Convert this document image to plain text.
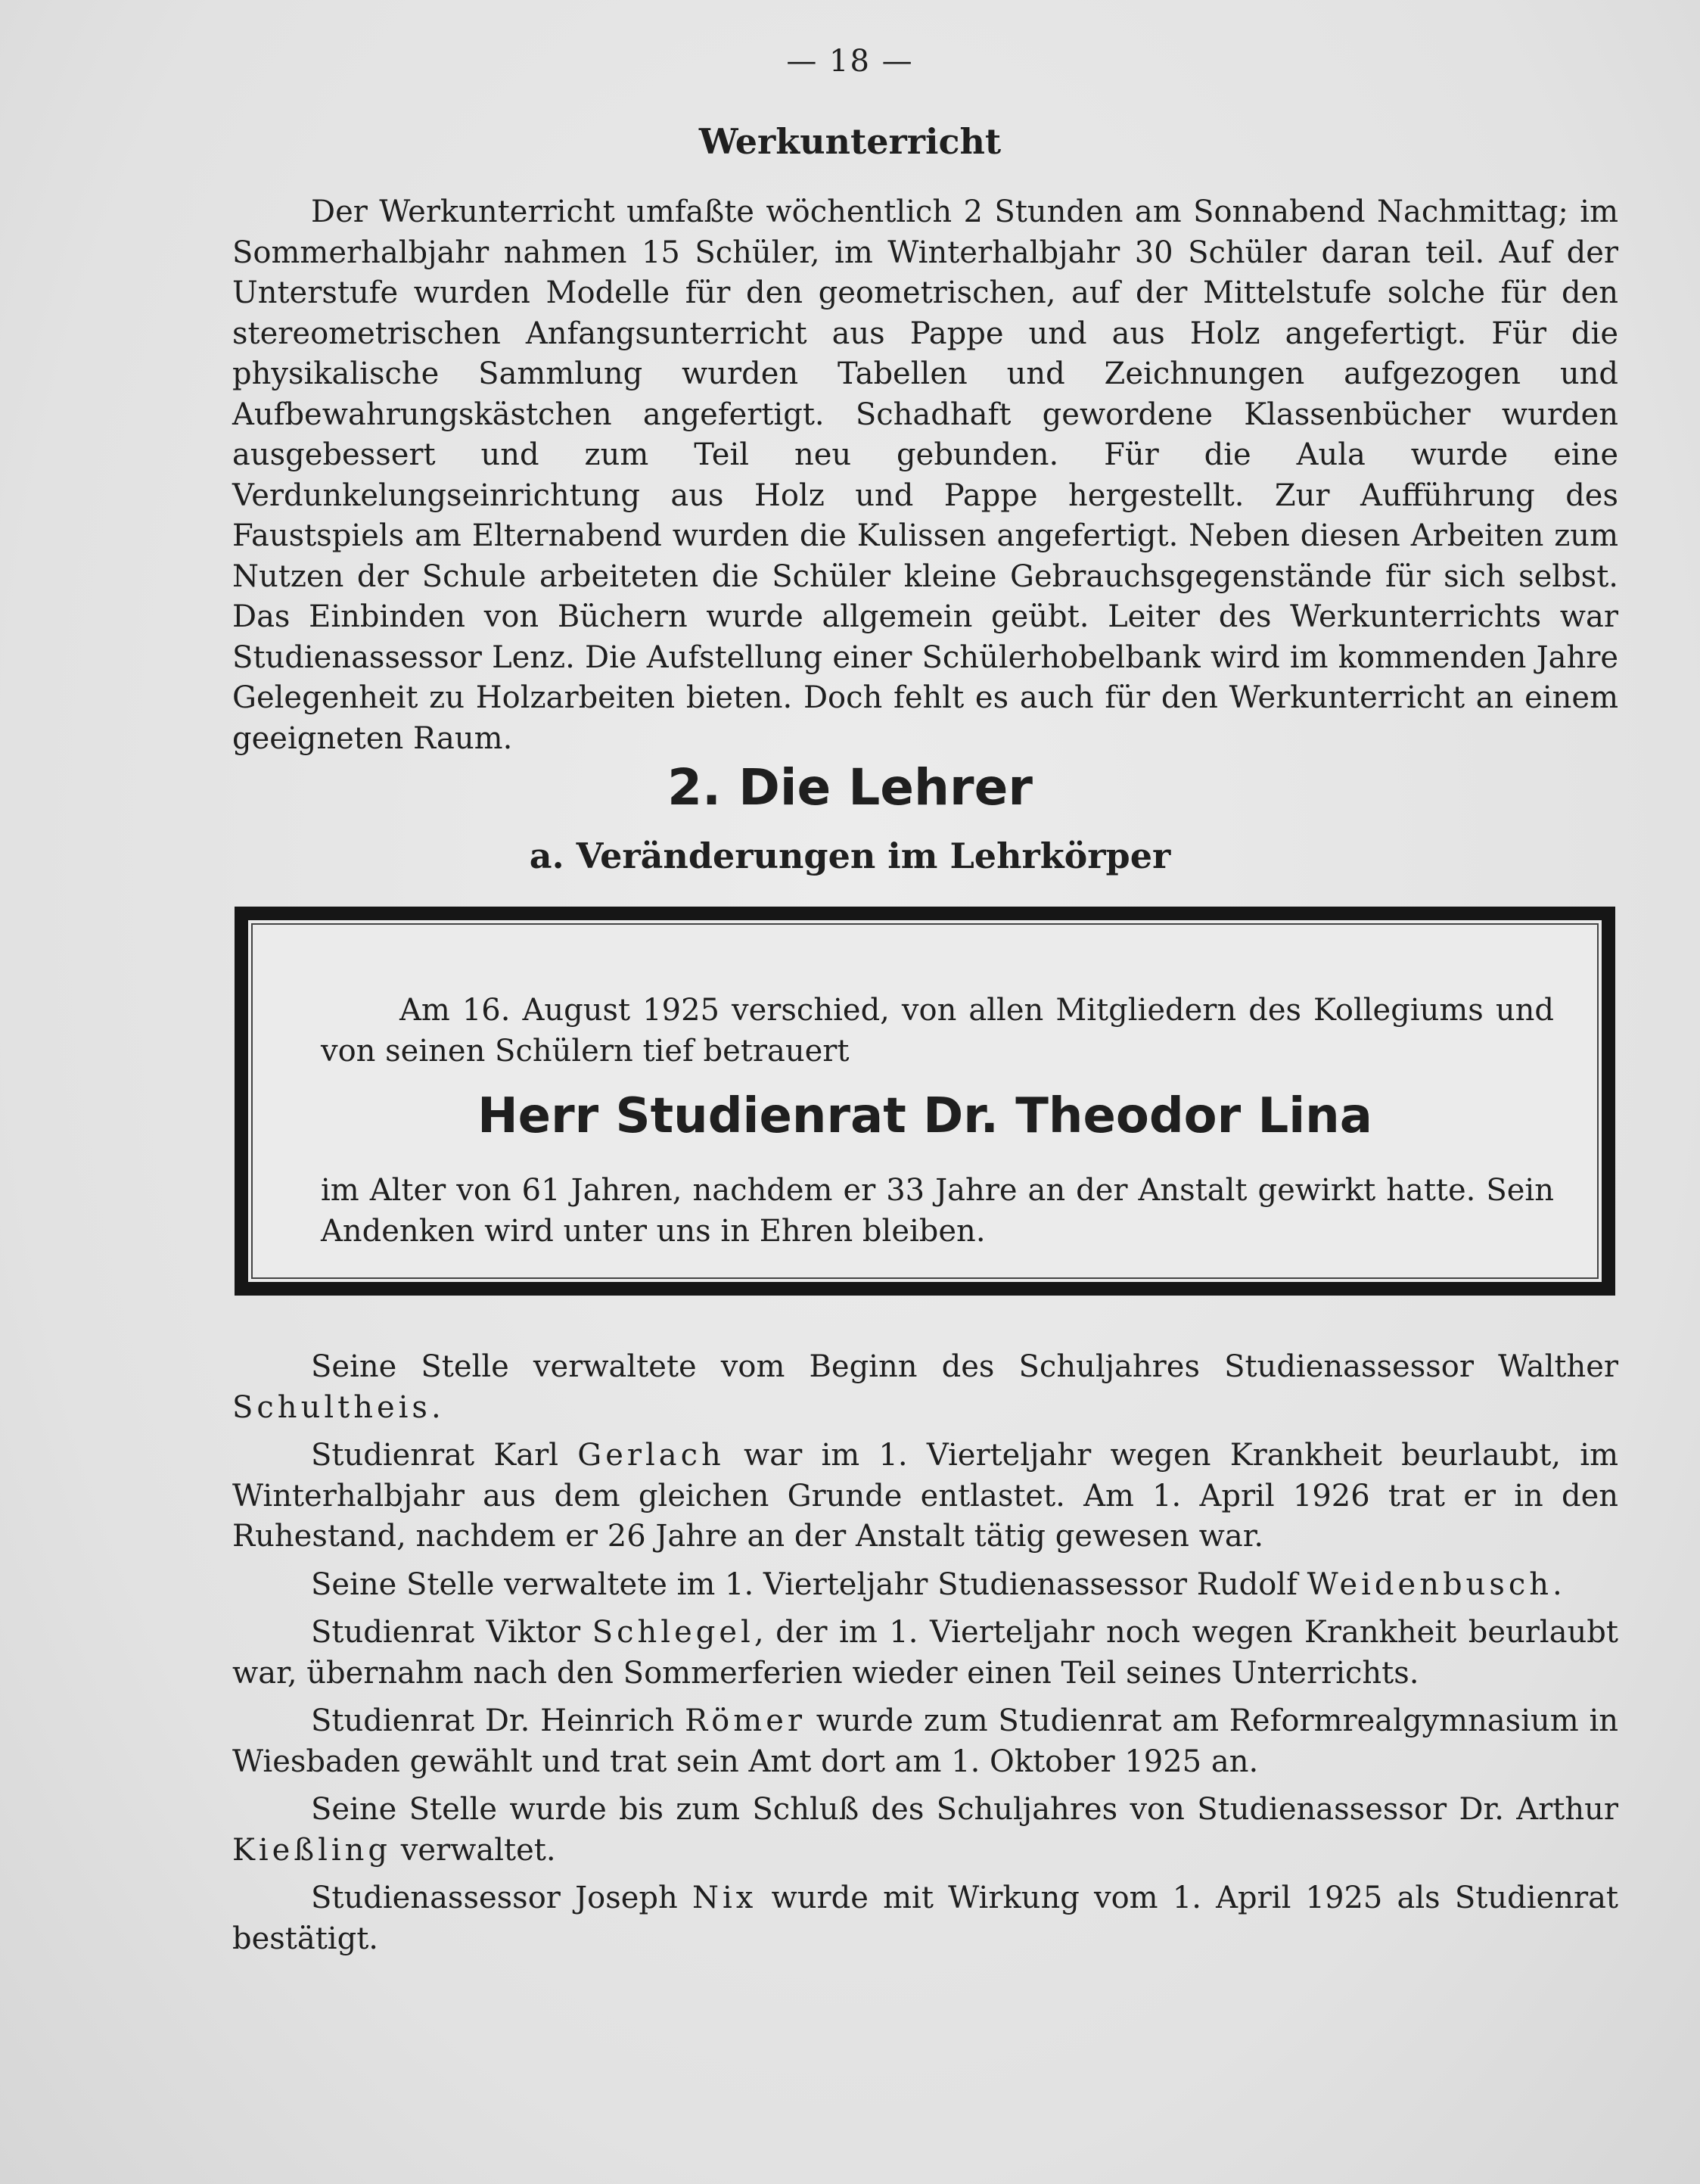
— 18 —
Werkunterricht

Der Werkunterricht umfaßte wöchentlich 2 Stunden am Sonnabend Nachmittag; im Sommerhalbjahr nahmen 15 Schüler, im Winterhalbjahr 30 Schüler daran teil. Auf der Unterstufe wurden Modelle für den geometrischen, auf der Mittelstufe solche für den stereometrischen Anfangsunterricht aus Pappe und aus Holz angefertigt. Für die physikalische Sammlung wurden Tabellen und Zeichnungen aufgezogen und Aufbewahrungskästchen angefertigt. Schadhaft gewordene Klassenbücher wurden ausgebessert und zum Teil neu gebunden. Für die Aula wurde eine Verdunkelungseinrichtung aus Holz und Pappe hergestellt. Zur Aufführung des Faustspiels am Elternabend wurden die Kulissen angefertigt. Neben diesen Arbeiten zum Nutzen der Schule arbeiteten die Schüler kleine Gebrauchsgegenstände für sich selbst. Das Einbinden von Büchern wurde allgemein geübt. Leiter des Werkunterrichts war Studienassessor Lenz. Die Aufstellung einer Schülerhobelbank wird im kommenden Jahre Gelegenheit zu Holzarbeiten bieten. Doch fehlt es auch für den Werkunterricht an einem geeigneten Raum.

2. Die Lehrer
a. Veränderungen im Lehrkörper

Am 16. August 1925 verschied, von allen Mitgliedern des Kollegiums und von seinen Schülern tief betrauert

Herr Studienrat Dr. Theodor Lina

im Alter von 61 Jahren, nachdem er 33 Jahre an der Anstalt gewirkt hatte. Sein Andenken wird unter uns in Ehren bleiben.

Seine Stelle verwaltete vom Beginn des Schuljahres Studienassessor Walther Schultheis.

Studienrat Karl Gerlach war im 1. Vierteljahr wegen Krankheit beurlaubt, im Winterhalbjahr aus dem gleichen Grunde entlastet. Am 1. April 1926 trat er in den Ruhestand, nachdem er 26 Jahre an der Anstalt tätig gewesen war.

Seine Stelle verwaltete im 1. Vierteljahr Studienassessor Rudolf Weidenbusch.

Studienrat Viktor Schlegel, der im 1. Vierteljahr noch wegen Krankheit beurlaubt war, übernahm nach den Sommerferien wieder einen Teil seines Unterrichts.

Studienrat Dr. Heinrich Römer wurde zum Studienrat am Reformrealgymnasium in Wiesbaden gewählt und trat sein Amt dort am 1. Oktober 1925 an.

Seine Stelle wurde bis zum Schluß des Schuljahres von Studienassessor Dr. Arthur Kießling verwaltet.

Studienassessor Joseph Nix wurde mit Wirkung vom 1. April 1925 als Studienrat bestätigt.
